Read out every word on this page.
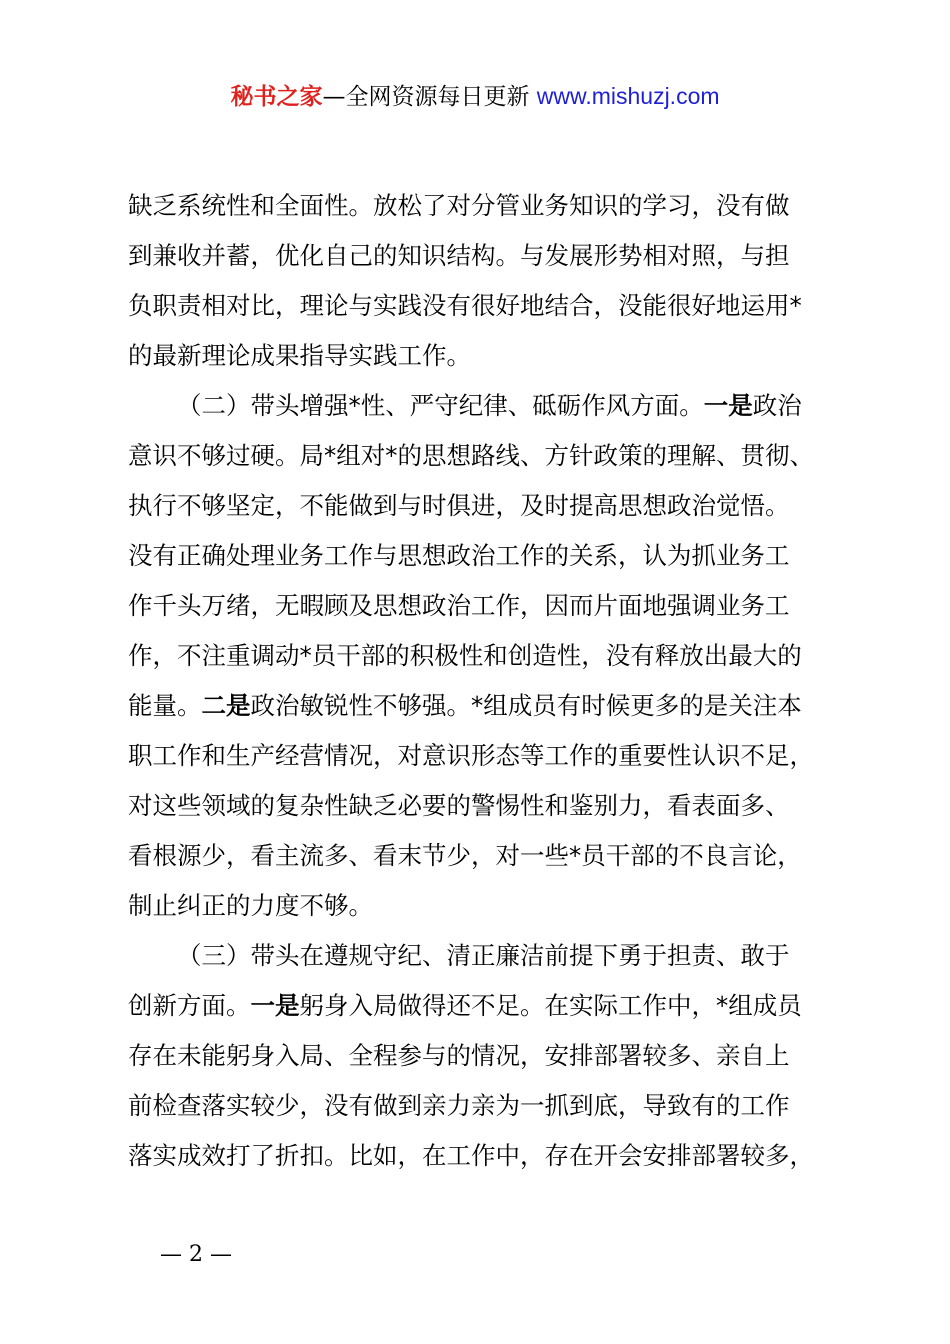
秘书之家—全网资源每日更新 www.mishuzj.com
缺乏系统性和全面性。放松了对分管业务知识的学习，没有做
到兼收并蓄，优化自己的知识结构。与发展形势相对照，与担
负职责相对比，理论与实践没有很好地结合，没能很好地运用*
的最新理论成果指导实践工作。
（二）带头增强*性、严守纪律、砥砺作风方面。一是政治
意识不够过硬。局*组对*的思想路线、方针政策的理解、贯彻、
执行不够坚定，不能做到与时俱进，及时提高思想政治觉悟。
没有正确处理业务工作与思想政治工作的关系，认为抓业务工
作千头万绪，无暇顾及思想政治工作，因而片面地强调业务工
作，不注重调动*员干部的积极性和创造性，没有释放出最大的
能量。二是政治敏锐性不够强。*组成员有时候更多的是关注本
职工作和生产经营情况，对意识形态等工作的重要性认识不足，
对这些领域的复杂性缺乏必要的警惕性和鉴别力，看表面多、
看根源少，看主流多、看末节少，对一些*员干部的不良言论，
制止纠正的力度不够。
（三）带头在遵规守纪、清正廉洁前提下勇于担责、敢于
创新方面。一是躬身入局做得还不足。在实际工作中，*组成员
存在未能躬身入局、全程参与的情况，安排部署较多、亲自上
前检查落实较少，没有做到亲力亲为一抓到底，导致有的工作
落实成效打了折扣。比如，在工作中，存在开会安排部署较多，
— 2 —
